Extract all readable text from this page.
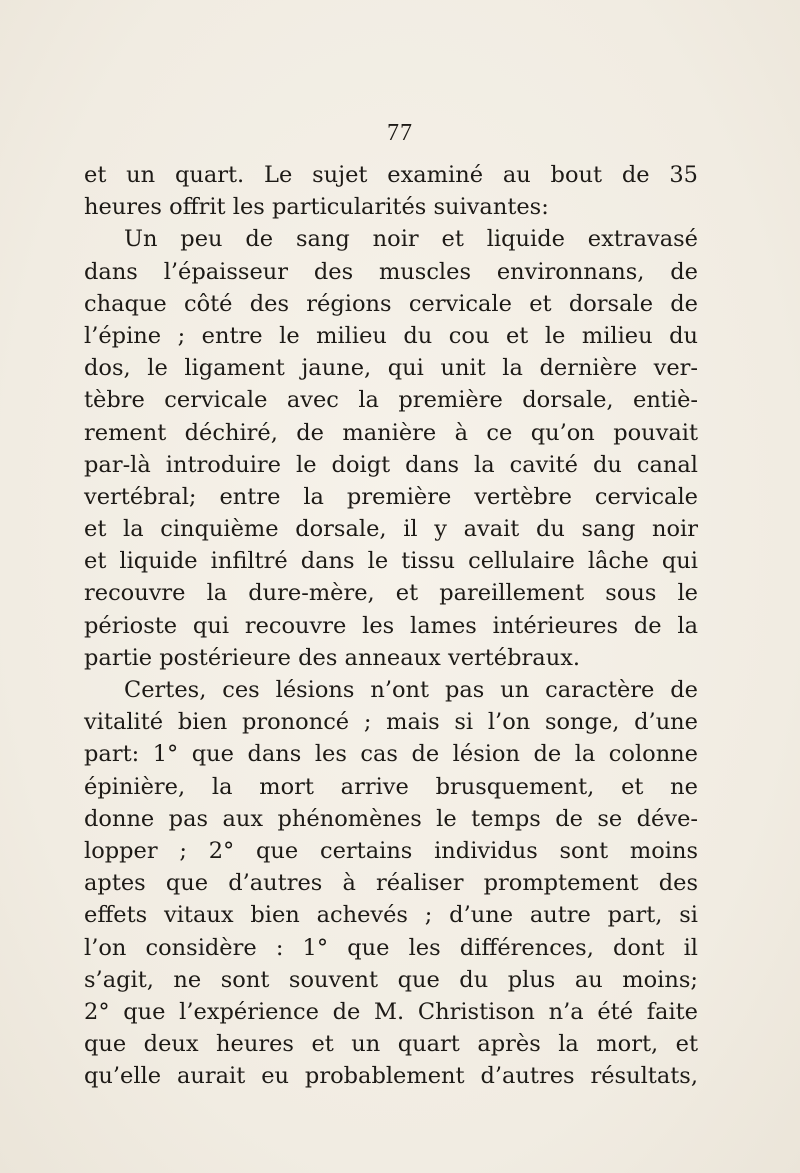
77
et un quart. Le sujet examiné au bout de 35
heures offrit les particularités suivantes:
Un peu de sang noir et liquide extravasé
dans l’épaisseur des muscles environnans, de
chaque côté des régions cervicale et dorsale de
l’épine ; entre le milieu du cou et le milieu du
dos, le ligament jaune, qui unit la dernière ver-
tèbre cervicale avec la première dorsale, entiè-
rement déchiré, de manière à ce qu’on pouvait
par-là introduire le doigt dans la cavité du canal
vertébral; entre la première vertèbre cervicale
et la cinquième dorsale, il y avait du sang noir
et liquide infiltré dans le tissu cellulaire lâche qui
recouvre la dure-mère, et pareillement sous le
périoste qui recouvre les lames intérieures de la
partie postérieure des anneaux vertébraux.
Certes, ces lésions n’ont pas un caractère de
vitalité bien prononcé ; mais si l’on songe, d’une
part: 1° que dans les cas de lésion de la colonne
épinière, la mort arrive brusquement, et ne
donne pas aux phénomènes le temps de se déve-
lopper ; 2° que certains individus sont moins
aptes que d’autres à réaliser promptement des
effets vitaux bien achevés ; d’une autre part, si
l’on considère : 1° que les différences, dont il
s’agit, ne sont souvent que du plus au moins;
2° que l’expérience de M. Christison n’a été faite
que deux heures et un quart après la mort, et
qu’elle aurait eu probablement d’autres résultats,
